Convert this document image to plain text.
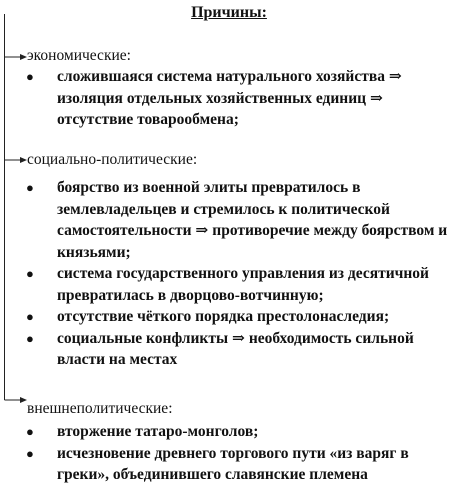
Причины:
экономические:
● сложившаяся система натурального хозяйства ⇒ изоляция отдельных хозяйственных единиц ⇒ отсутствие товарообмена;
социально-политические:
● боярство из военной элиты превратилось в землевладельцев и стремилось к политической самостоятельности ⇒ противоречие между боярством и князьями;
● система государственного управления из десятичной превратилась в дворцово-вотчинную;
● отсутствие чёткого порядка престолонаследия;
● социальные конфликты ⇒ необходимость сильной власти на местах
внешнеполитические:
● вторжение татаро-монголов;
● исчезновение древнего торгового пути «из варяг в греки», объединившего славянские племена
